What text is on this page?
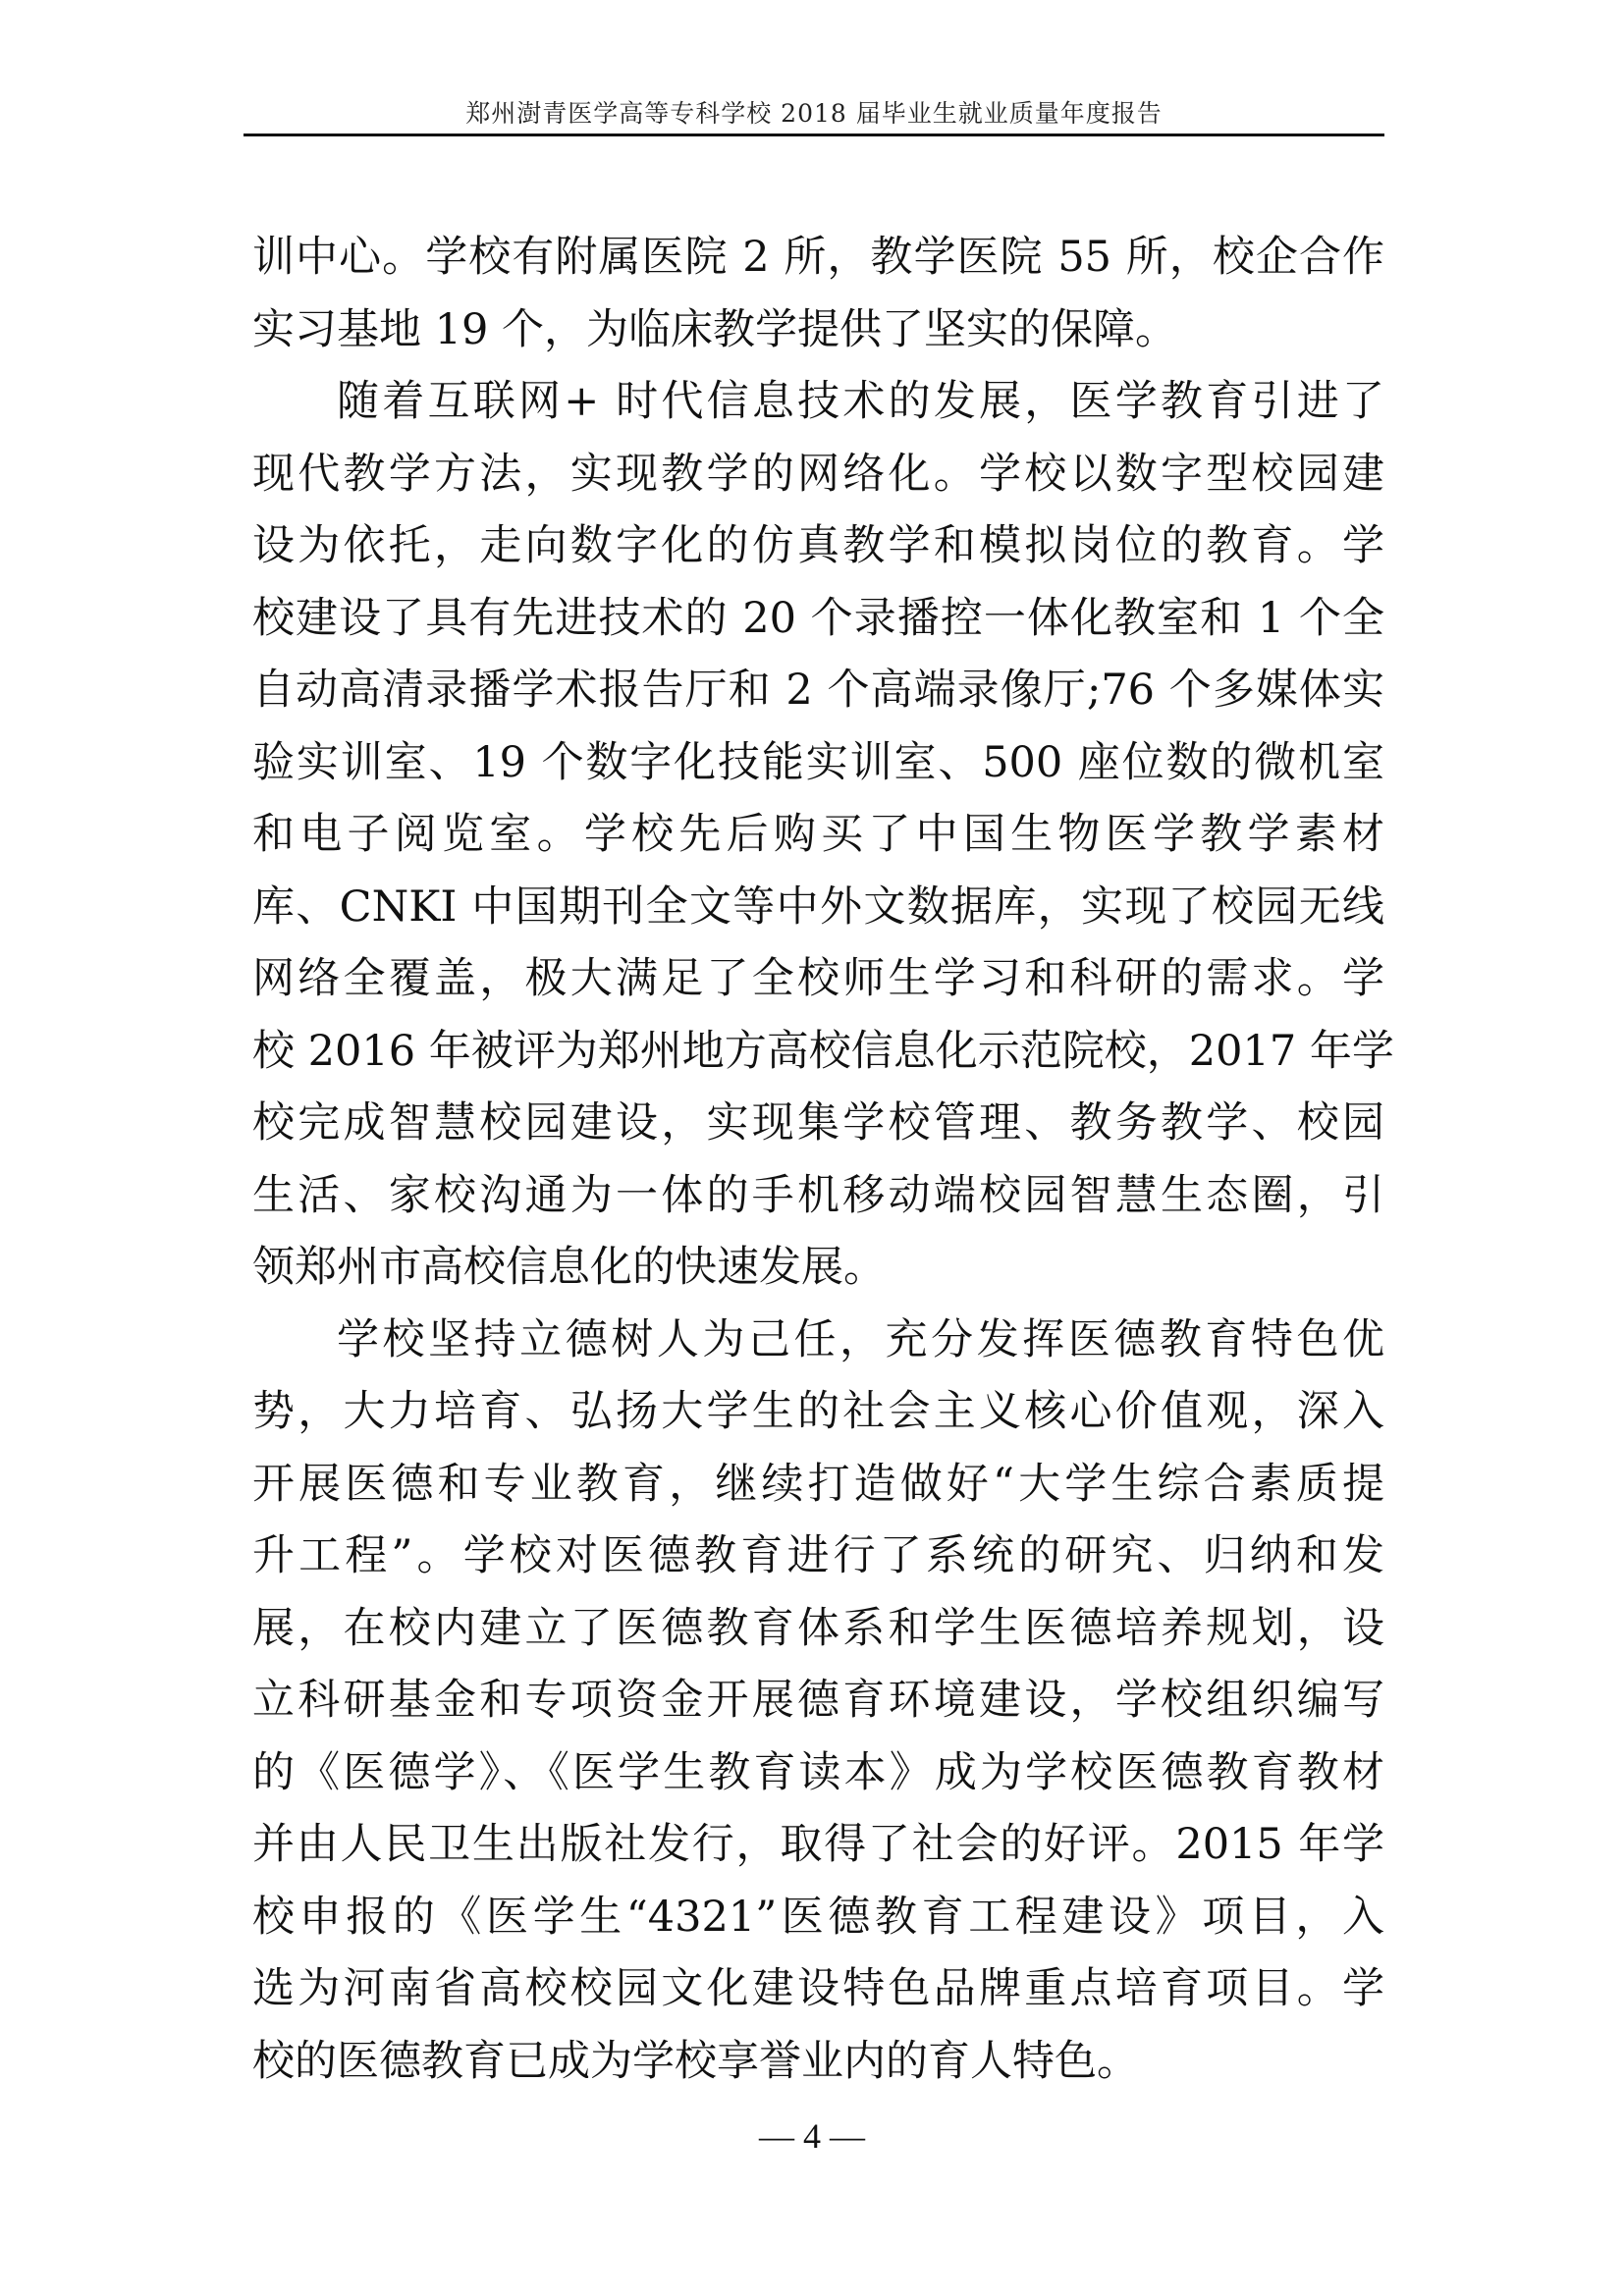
郑州澍青医学高等专科学校 2018 届毕业生就业质量年度报告
训中心。学校有附属医院 2 所，教学医院 55 所，校企合作
实习基地 19 个，为临床教学提供了坚实的保障。
随着互联网+ 时代信息技术的发展，医学教育引进了
现代教学方法，实现教学的网络化。学校以数字型校园建
设为依托，走向数字化的仿真教学和模拟岗位的教育。学
校建设了具有先进技术的 20 个录播控一体化教室和 1 个全
自动高清录播学术报告厅和 2 个高端录像厅;76 个多媒体实
验实训室、19 个数字化技能实训室、500 座位数的微机室
和电子阅览室。学校先后购买了中国生物医学教学素材
库、CNKI 中国期刊全文等中外文数据库，实现了校园无线
网络全覆盖，极大满足了全校师生学习和科研的需求。学
校 2016 年被评为郑州地方高校信息化示范院校，2017 年学
校完成智慧校园建设，实现集学校管理、教务教学、校园
生活、家校沟通为一体的手机移动端校园智慧生态圈，引
领郑州市高校信息化的快速发展。
学校坚持立德树人为己任，充分发挥医德教育特色优
势，大力培育、弘扬大学生的社会主义核心价值观，深入
开展医德和专业教育，继续打造做好“大学生综合素质提
升工程”。学校对医德教育进行了系统的研究、归纳和发
展，在校内建立了医德教育体系和学生医德培养规划，设
立科研基金和专项资金开展德育环境建设，学校组织编写
的《医德学》、《医学生教育读本》成为学校医德教育教材
并由人民卫生出版社发行，取得了社会的好评。2015 年学
校申报的《医学生“4321”医德教育工程建设》项目，入
选为河南省高校校园文化建设特色品牌重点培育项目。学
校的医德教育已成为学校享誉业内的育人特色。
— 4 —
